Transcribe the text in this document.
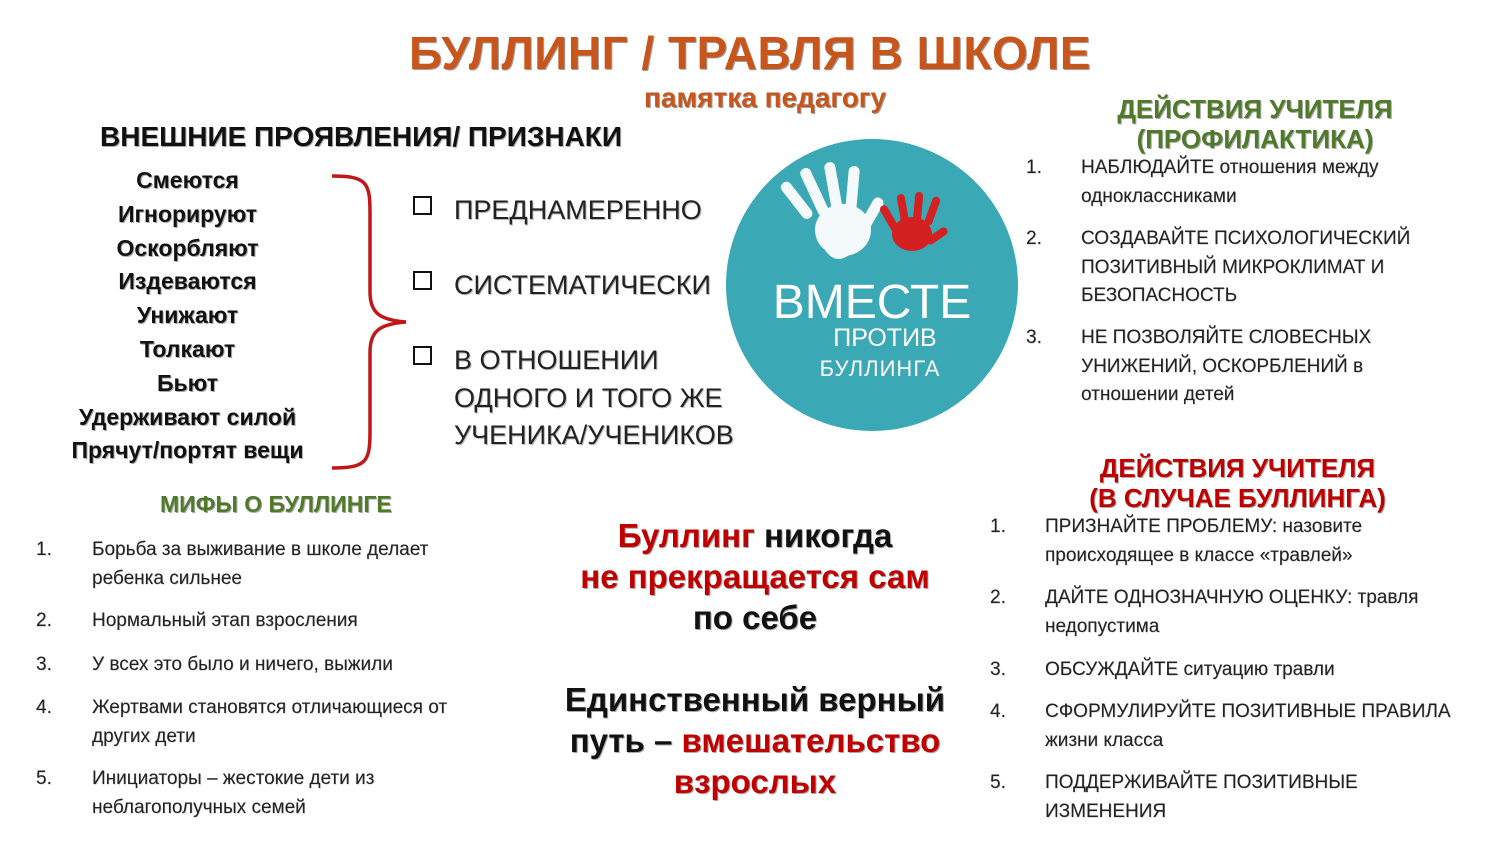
БУЛЛИНГ / ТРАВЛЯ В ШКОЛЕ
памятка педагогу
ВНЕШНИЕ ПРОЯВЛЕНИЯ/ ПРИЗНАКИ
Смеются
Игнорируют
Оскорбляют
Издеваются
Унижают
Толкают
Бьют
Удерживают силой
Прячут/портят вещи
ПРЕДНАМЕРЕННО
СИСТЕМАТИЧЕСКИ
В ОТНОШЕНИИ
ОДНОГО И ТОГО ЖЕ
УЧЕНИКА/УЧЕНИКОВ
ВМЕСТЕ
ПРОТИВ
БУЛЛИНГА
ДЕЙСТВИЯ УЧИТЕЛЯ
(ПРОФИЛАКТИКА)
1. НАБЛЮДАЙТЕ отношения между
одноклассниками
2. СОЗДАВАЙТЕ ПСИХОЛОГИЧЕСКИЙ
ПОЗИТИВНЫЙ МИКРОКЛИМАТ И
БЕЗОПАСНОСТЬ
3. НЕ ПОЗВОЛЯЙТЕ СЛОВЕСНЫХ
УНИЖЕНИЙ, ОСКОРБЛЕНИЙ в
отношении детей
ДЕЙСТВИЯ УЧИТЕЛЯ
(В СЛУЧАЕ БУЛЛИНГА)
1. ПРИЗНАЙТЕ ПРОБЛЕМУ: назовите
происходящее в классе «травлей»
2. ДАЙТЕ ОДНОЗНАЧНУЮ ОЦЕНКУ: травля
недопустима
3. ОБСУЖДАЙТЕ ситуацию травли
4. СФОРМУЛИРУЙТЕ ПОЗИТИВНЫЕ ПРАВИЛА
жизни класса
5. ПОДДЕРЖИВАЙТЕ ПОЗИТИВНЫЕ
ИЗМЕНЕНИЯ
МИФЫ О БУЛЛИНГЕ
1. Борьба за выживание в школе делает
ребенка сильнее
2. Нормальный этап взросления
3. У всех это было и ничего, выжили
4. Жертвами становятся отличающиеся от
других дети
5. Инициаторы – жестокие дети из
неблагополучных семей
Буллинг никогда
не прекращается сам
по себе
Единственный верный
путь – вмешательство
взрослых
